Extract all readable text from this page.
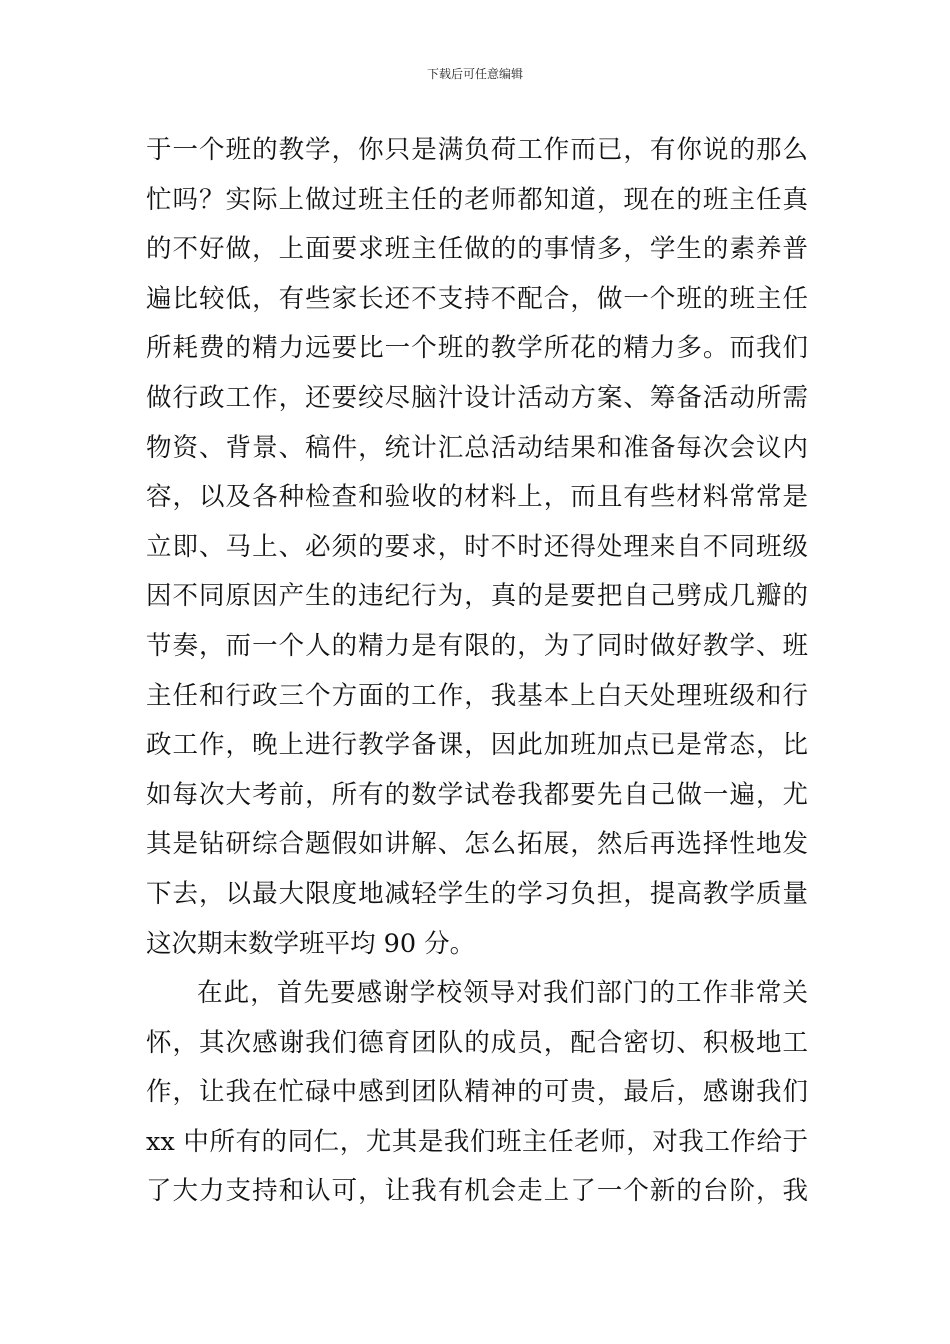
下载后可任意编辑
于一个班的教学，你只是满负荷工作而已，有你说的那么
忙吗？实际上做过班主任的老师都知道，现在的班主任真
的不好做，上面要求班主任做的的事情多，学生的素养普
遍比较低，有些家长还不支持不配合，做一个班的班主任
所耗费的精力远要比一个班的教学所花的精力多。而我们
做行政工作，还要绞尽脑汁设计活动方案、筹备活动所需
物资、背景、稿件，统计汇总活动结果和准备每次会议内
容，以及各种检查和验收的材料上，而且有些材料常常是
立即、马上、必须的要求，时不时还得处理来自不同班级
因不同原因产生的违纪行为，真的是要把自己劈成几瓣的
节奏，而一个人的精力是有限的，为了同时做好教学、班
主任和行政三个方面的工作，我基本上白天处理班级和行
政工作，晚上进行教学备课，因此加班加点已是常态，比
如每次大考前，所有的数学试卷我都要先自己做一遍，尤
其是钻研综合题假如讲解、怎么拓展，然后再选择性地发
下去，以最大限度地减轻学生的学习负担，提高教学质量
这次期末数学班平均 90 分。
在此，首先要感谢学校领导对我们部门的工作非常关
怀，其次感谢我们德育团队的成员，配合密切、积极地工
作，让我在忙碌中感到团队精神的可贵，最后，感谢我们
xx 中所有的同仁，尤其是我们班主任老师，对我工作给于
了大力支持和认可，让我有机会走上了一个新的台阶，我
